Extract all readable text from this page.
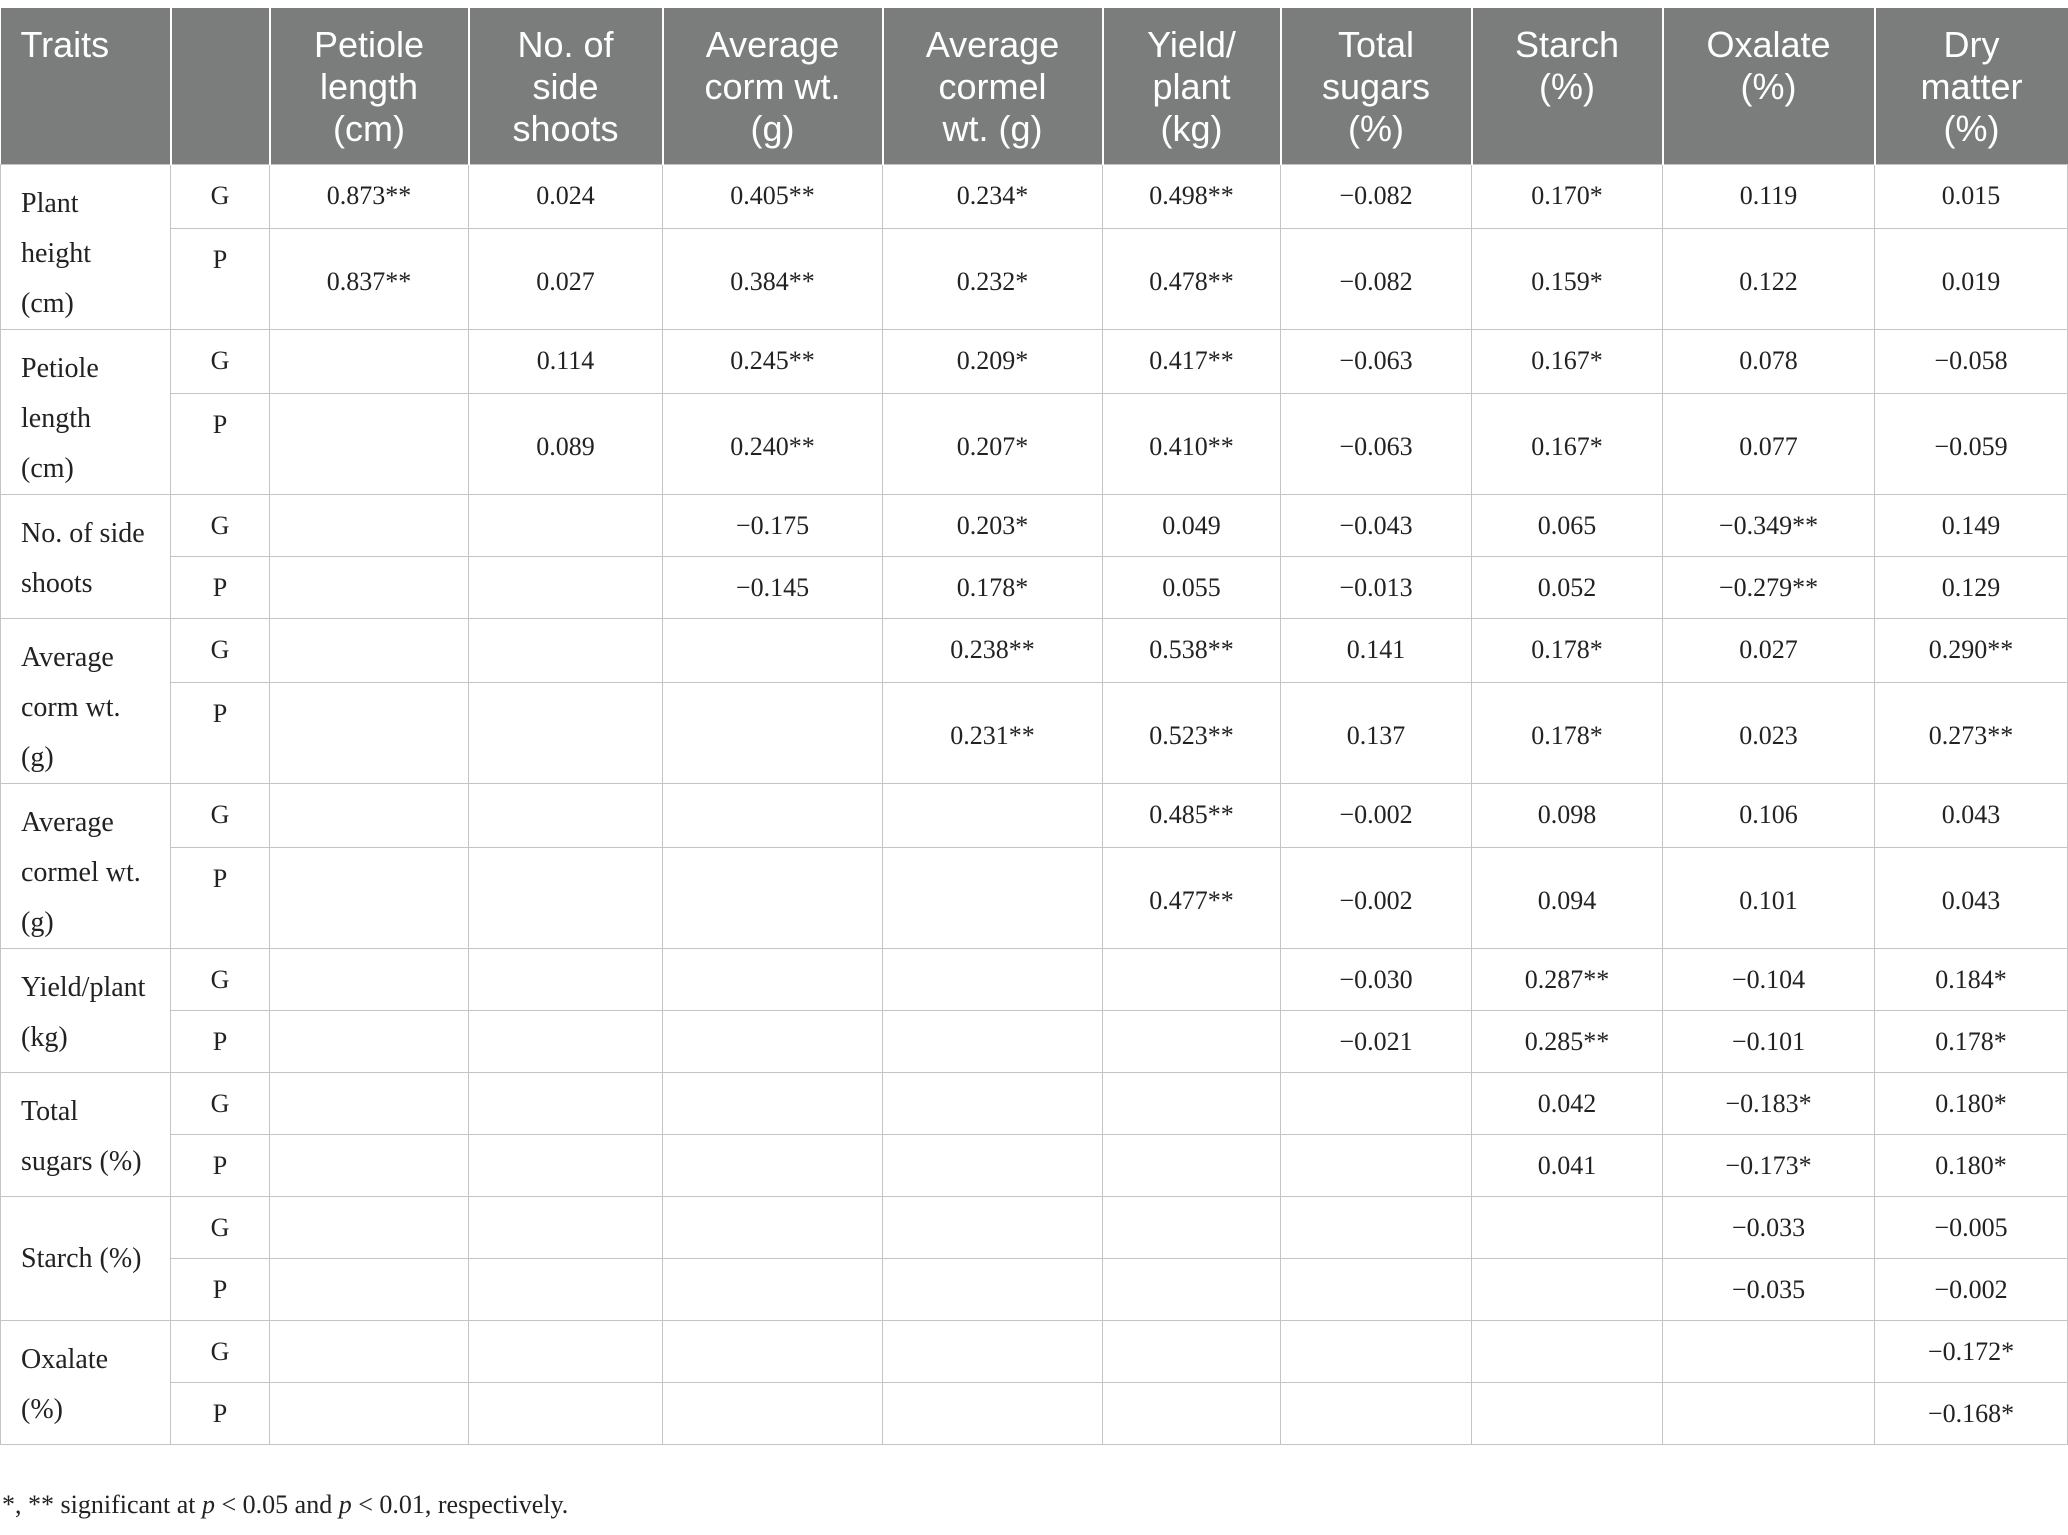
Traits		Petiole
length
(cm)	No. of
side
shoots	Average
corm wt.
(g)	Average
cormel
wt. (g)	Yield/
plant
(kg)	Total
sugars
(%)	Starch
(%)	Oxalate
(%)	Dry
matter
(%)

Plant
height
(cm)	G	0.873**	0.024	0.405**	0.234*	0.498**	−0.082	0.170*	0.119	0.015
	P	0.837**	0.027	0.384**	0.232*	0.478**	−0.082	0.159*	0.122	0.019

Petiole
length
(cm)	G		0.114	0.245**	0.209*	0.417**	−0.063	0.167*	0.078	−0.058
	P		0.089	0.240**	0.207*	0.410**	−0.063	0.167*	0.077	−0.059

No. of side
shoots	G			−0.175	0.203*	0.049	−0.043	0.065	−0.349**	0.149
	P			−0.145	0.178*	0.055	−0.013	0.052	−0.279**	0.129

Average
corm wt.
(g)	G				0.238**	0.538**	0.141	0.178*	0.027	0.290**
	P				0.231**	0.523**	0.137	0.178*	0.023	0.273**

Average
cormel wt.
(g)	G					0.485**	−0.002	0.098	0.106	0.043
	P					0.477**	−0.002	0.094	0.101	0.043

Yield/plant
(kg)	G						−0.030	0.287**	−0.104	0.184*
	P						−0.021	0.285**	−0.101	0.178*

Total
sugars (%)	G							0.042	−0.183*	0.180*
	P							0.041	−0.173*	0.180*

Starch (%)	G								−0.033	−0.005
	P								−0.035	−0.002

Oxalate
(%)	G									−0.172*
	P									−0.168*
*, ** significant at p < 0.05 and p < 0.01, respectively.
